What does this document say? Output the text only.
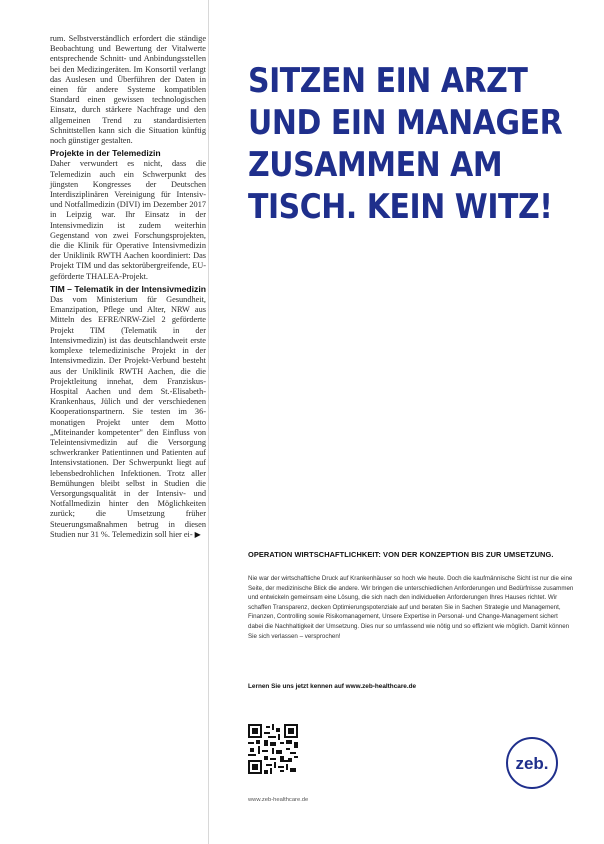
rum. Selbstverständlich erfordert die ständige Beobachtung und Bewertung der Vitalwerte entsprechende Schnitt- und Anbindungsstellen bei den Medizingeräten. Im Konsortil verlangt das Auslesen und Überführen der Daten in einen für andere Systeme kompatiblen Standard einen gewissen technologischen Einsatz, durch stärkere Nachfrage und den allgemeinen Trend zu standardisierten Schnittstellen kann sich die Situation künftig noch günstiger gestalten.

Projekte in der Telemedizin

Daher verwundert es nicht, dass die Telemedizin auch ein Schwerpunkt des jüngsten Kongresses der Deutschen Interdisziplinären Vereinigung für Intensiv- und Notfallmedizin (DIVI) im Dezember 2017 in Leipzig war. Ihr Einsatz in der Intensivmedizin ist zudem weiterhin Gegenstand von zwei Forschungsprojekten, die die Klinik für Operative Intensivmedizin der Uniklinik RWTH Aachen koordiniert: Das Projekt TIM und das sektorübergreifende, EU-geförderte THALEA-Projekt.

TIM – Telematik in der Intensivmedizin

Das vom Ministerium für Gesundheit, Emanzipation, Pflege und Alter, NRW aus Mitteln des EFRE/NRW-Ziel 2 geförderte Projekt TIM (Telematik in der Intensivmedizin) ist das deutschlandweit erste komplexe telemedizinische Projekt in der Intensivmedizin. Der Projekt-Verbund besteht aus der Uniklinik RWTH Aachen, die die Projektleitung innehat, dem Franziskus-Hospital Aachen und dem St.-Elisabeth-Krankenhaus, Jülich und der verschiedenen Kooperationspartnern. Sie testen im 36-monatigen Projekt unter dem Motto „Miteinander kompetenter" den Einfluss von Teleintensivmedizin auf die Versorgung schwerkranker Patientinnen und Patienten auf Intensivstationen. Der Schwerpunkt liegt auf lebensbedrohlichen Infektionen. Trotz aller Bemühungen bleibt selbst in Studien die Versorgungsqualität in der Intensiv- und Notfallmedizin hinter den Möglichkeiten zurück; die Umsetzung früher Steuerungsmaßnahmen betrug in diesen Studien nur 31 %. Telemedizin soll hier ei- ▶

SITZEN EIN ARZT
UND EIN MANAGER
ZUSAMMEN AM
TISCH. KEIN WITZ!
OPERATION WIRTSCHAFTLICHKEIT: VON DER KONZEPTION BIS ZUR UMSETZUNG.

Nie war der wirtschaftliche Druck auf Krankenhäuser so hoch wie heute. Doch die kaufmännische Sicht ist nur die eine Seite, der medizinische Blick die andere. Wir bringen die unterschiedlichen Anforderungen und Bedürfnisse zusammen und entwickeln gemeinsam eine Lösung, die sich nach den individuellen Anforderungen Ihres Hauses richtet. Wir schaffen Transparenz, decken Optimierungspotenziale auf und beraten Sie in Sachen Strategie und Management, Finanzen, Controlling sowie Risikomanagement, Unsere Expertise in Personal- und Change-Management sichert dabei die Nachhaltigkeit der Umsetzung. Dies nur so umfassend wie nötig und so effizient wie möglich. Damit können Sie sich verlassen – versprochen!

Lernen Sie uns jetzt kennen auf www.zeb-healthcare.de
www.zeb-healthcare.de
zeb.
